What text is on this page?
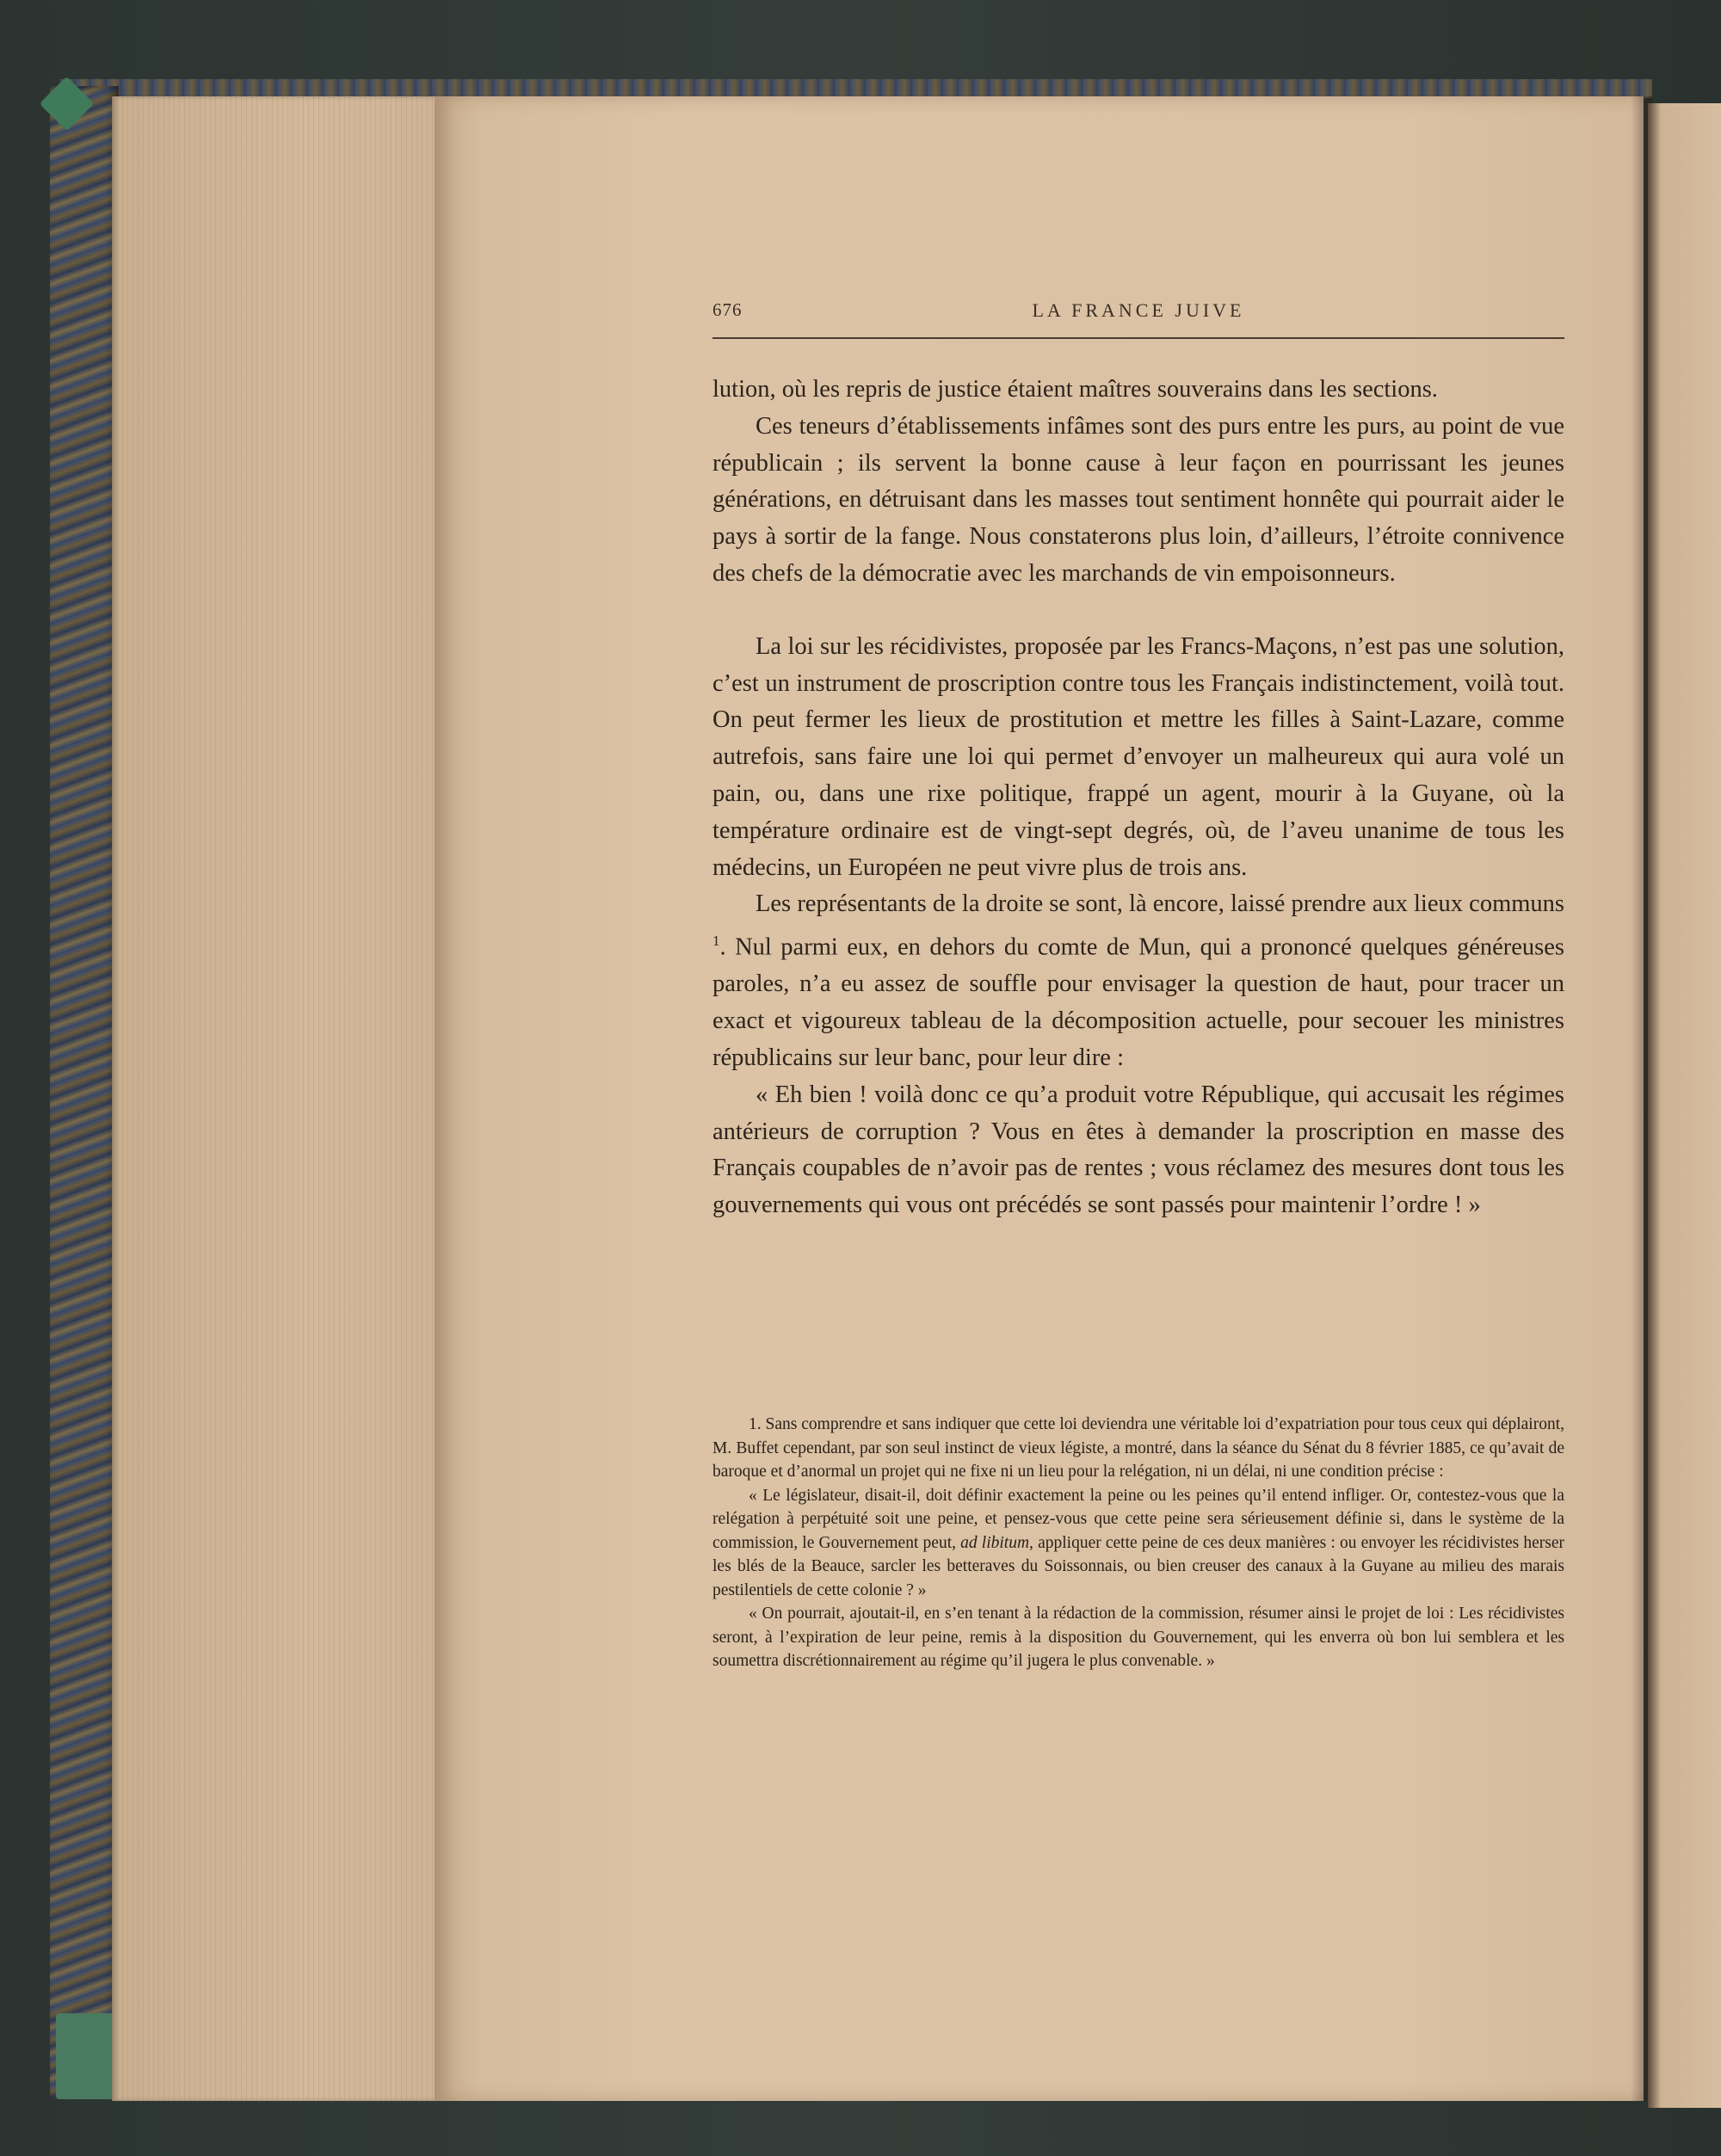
676	LA FRANCE JUIVE

lution, où les repris de justice étaient maîtres souverains dans les sections.

Ces teneurs d’établissements infâmes sont des purs entre les purs, au point de vue républicain ; ils servent la bonne cause à leur façon en pourrissant les jeunes générations, en détruisant dans les masses tout sentiment honnête qui pourrait aider le pays à sortir de la fange. Nous constaterons plus loin, d’ailleurs, l’étroite connivence des chefs de la démocratie avec les marchands de vin empoisonneurs.

La loi sur les récidivistes, proposée par les Francs-Maçons, n’est pas une solution, c’est un instrument de proscription contre tous les Français indistinctement, voilà tout. On peut fermer les lieux de prostitution et mettre les filles à Saint-Lazare, comme autrefois, sans faire une loi qui permet d’envoyer un malheureux qui aura volé un pain, ou, dans une rixe politique, frappé un agent, mourir à la Guyane, où la température ordinaire est de vingt-sept degrés, où, de l’aveu unanime de tous les médecins, un Européen ne peut vivre plus de trois ans.

Les représentants de la droite se sont, là encore, laissé prendre aux lieux communs $^1$. Nul parmi eux, en dehors du comte de Mun, qui a prononcé quelques généreuses paroles, n’a eu assez de souffle pour envisager la question de haut, pour tracer un exact et vigoureux tableau de la décomposition actuelle, pour secouer les ministres républicains sur leur banc, pour leur dire :

« Eh bien ! voilà donc ce qu’a produit votre République, qui accusait les régimes antérieurs de corruption ? Vous en êtes à demander la proscription en masse des Français coupables de n’avoir pas de rentes ; vous réclamez des mesures dont tous les gouvernements qui vous ont précédés se sont passés pour maintenir l’ordre ! »

1. Sans comprendre et sans indiquer que cette loi deviendra une véritable loi d’expatriation pour tous ceux qui déplairont, M. Buffet cependant, par son seul instinct de vieux légiste, a montré, dans la séance du Sénat du 8 février 1885, ce qu’avait de baroque et d’anormal un projet qui ne fixe ni un lieu pour la relégation, ni un délai, ni une condition précise :

« Le législateur, disait-il, doit définir exactement la peine ou les peines qu’il entend infliger. Or, contestez-vous que la relégation à perpétuité soit une peine, et pensez-vous que cette peine sera sérieusement définie si, dans le système de la commission, le Gouvernement peut, ad libitum, appliquer cette peine de ces deux manières : ou envoyer les récidivistes herser les blés de la Beauce, sarcler les betteraves du Soissonnais, ou bien creuser des canaux à la Guyane au milieu des marais pestilentiels de cette colonie ? »

« On pourrait, ajoutait-il, en s’en tenant à la rédaction de la commission, résumer ainsi le projet de loi : Les récidivistes seront, à l’expiration de leur peine, remis à la disposition du Gouvernement, qui les enverra où bon lui semblera et les soumettra discrétionnairement au régime qu’il jugera le plus convenable. »
